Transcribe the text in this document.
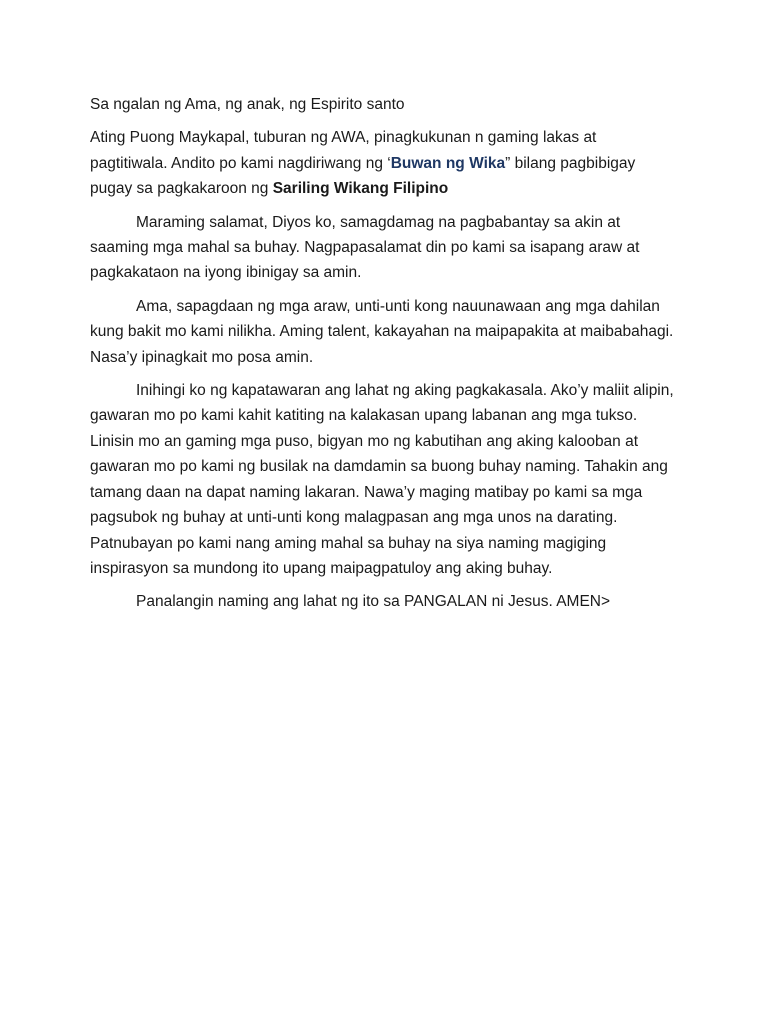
Sa ngalan ng Ama, ng anak, ng Espirito santo

Ating Puong Maykapal, tuburan ng AWA, pinagkukunan n gaming lakas at pagtitiwala. Andito po kami nagdiriwang ng ‘Buwan ng Wika” bilang pagbibigay pugay sa pagkakaroon ng Sariling Wikang Filipino

Maraming salamat, Diyos ko, samagdamag na pagbabantay sa akin at saaming mga mahal sa buhay. Nagpapasalamat din po kami sa isapang araw at pagkakataon na iyong ibinigay sa amin.

Ama, sapagdaan ng mga araw, unti-unti kong nauunawaan ang mga dahilan kung bakit mo kami nilikha. Aming talent, kakayahan na maipapakita at maibabahagi. Nasa’y ipinagkait mo posa amin.

Inihingi ko ng kapatawaran ang lahat ng aking pagkakasala. Ako’y maliit alipin, gawaran mo po kami kahit katiting na kalakasan upang labanan ang mga tukso. Linisin mo an gaming mga puso, bigyan mo ng kabutihan ang aking kalooban at gawaran mo po kami ng busilak na damdamin sa buong buhay naming. Tahakin ang tamang daan na dapat naming lakaran. Nawa’y maging matibay po kami sa mga pagsubok ng buhay at unti-unti kong malagpasan ang mga unos na darating. Patnubayan po kami nang aming mahal sa buhay na siya naming magiging inspirasyon sa mundong ito upang maipagpatuloy ang aking buhay.

Panalangin naming ang lahat ng ito sa PANGALAN ni Jesus. AMEN>
